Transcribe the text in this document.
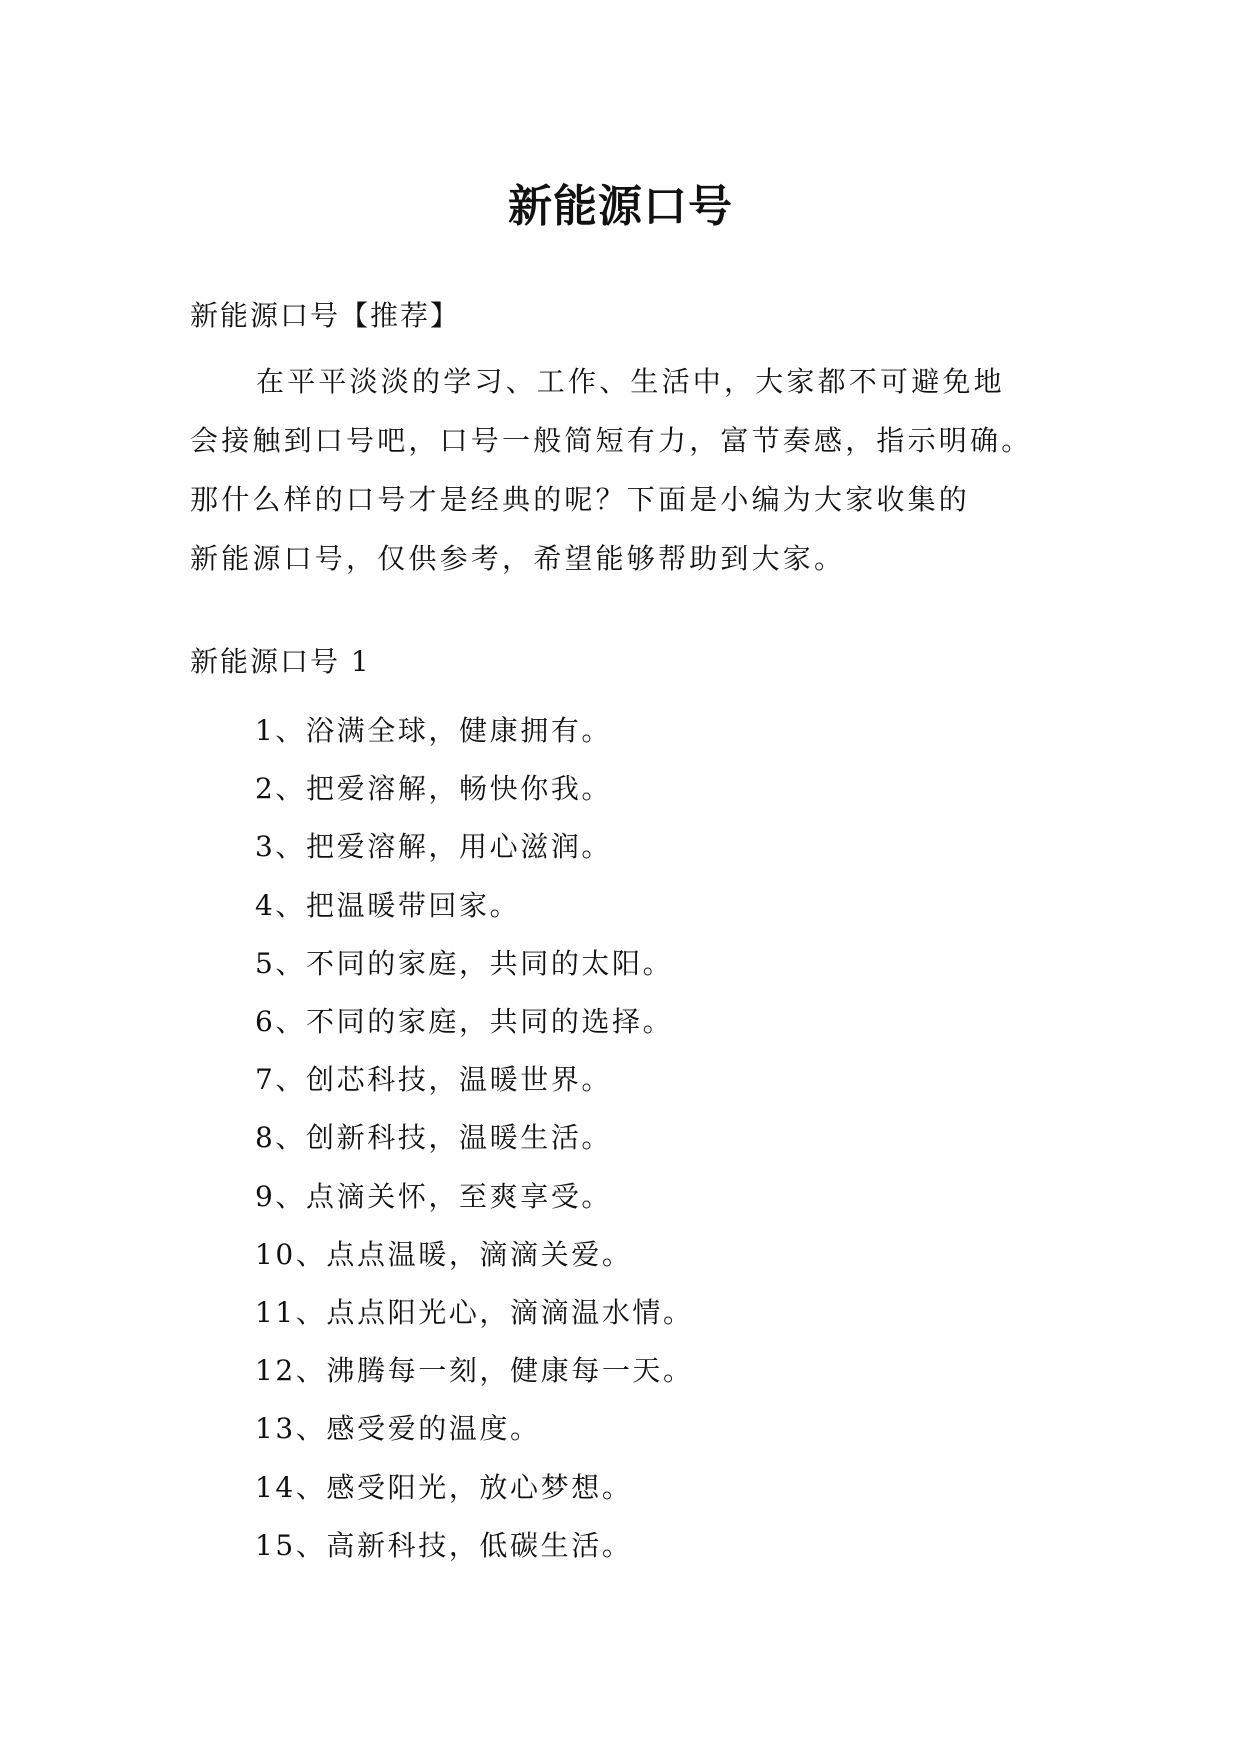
新能源口号
新能源口号【推荐】
在平平淡淡的学习、工作、生活中，大家都不可避免地
会接触到口号吧，口号一般简短有力，富节奏感，指示明确。
那什么样的口号才是经典的呢？下面是小编为大家收集的
新能源口号，仅供参考，希望能够帮助到大家。
新能源口号 1
1、浴满全球，健康拥有。
2、把爱溶解，畅快你我。
3、把爱溶解，用心滋润。
4、把温暖带回家。
5、不同的家庭，共同的太阳。
6、不同的家庭，共同的选择。
7、创芯科技，温暖世界。
8、创新科技，温暖生活。
9、点滴关怀，至爽享受。
10、点点温暖，滴滴关爱。
11、点点阳光心，滴滴温水情。
12、沸腾每一刻，健康每一天。
13、感受爱的温度。
14、感受阳光，放心梦想。
15、高新科技，低碳生活。
